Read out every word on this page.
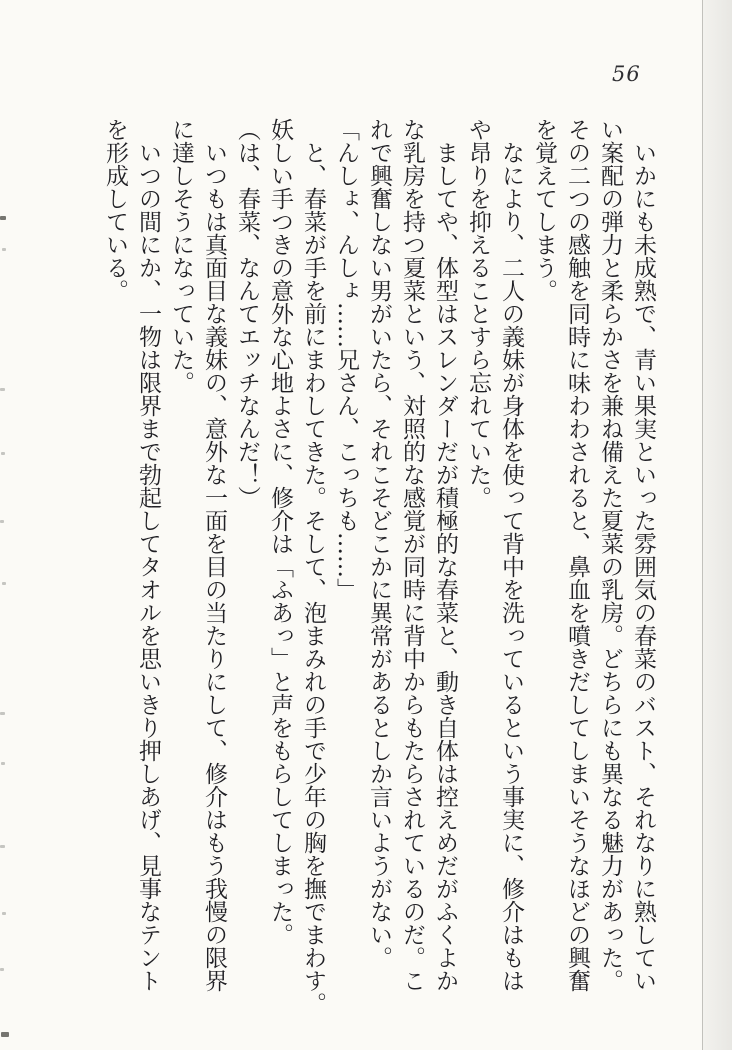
56

いかにも未成熟で、青い果実といった雰囲気の春菜のバスト、それなりに熟してい

い案配の弾力と柔らかさを兼ね備えた夏菜の乳房。どちらにも異なる魅力があった。

その二つの感触を同時に味わわされると、鼻血を噴きだしてしまいそうなほどの興奮

を覚えてしまう。

なにより、二人の義妹が身体を使って背中を洗っているという事実に、修介はもは

や昂りを抑えることすら忘れていた。

ましてや、体型はスレンダーだが積極的な春菜と、動き自体は控えめだがふくよか

な乳房を持つ夏菜という、対照的な感覚が同時に背中からもたらされているのだ。こ

れで興奮しない男がいたら、それこそどこかに異常があるとしか言いようがない。

「んしょ、んしょ……兄さん、こっちも……」

と、春菜が手を前にまわしてきた。そして、泡まみれの手で少年の胸を撫でまわす。

妖しい手つきの意外な心地よさに、修介は「ふあっ」と声をもらしてしまった。

（は、春菜、なんてエッチなんだ！）

いつもは真面目な義妹の、意外な一面を目の当たりにして、修介はもう我慢の限界

に達しそうになっていた。

いつの間にか、一物は限界まで勃起してタオルを思いきり押しあげ、見事なテント

を形成している。
